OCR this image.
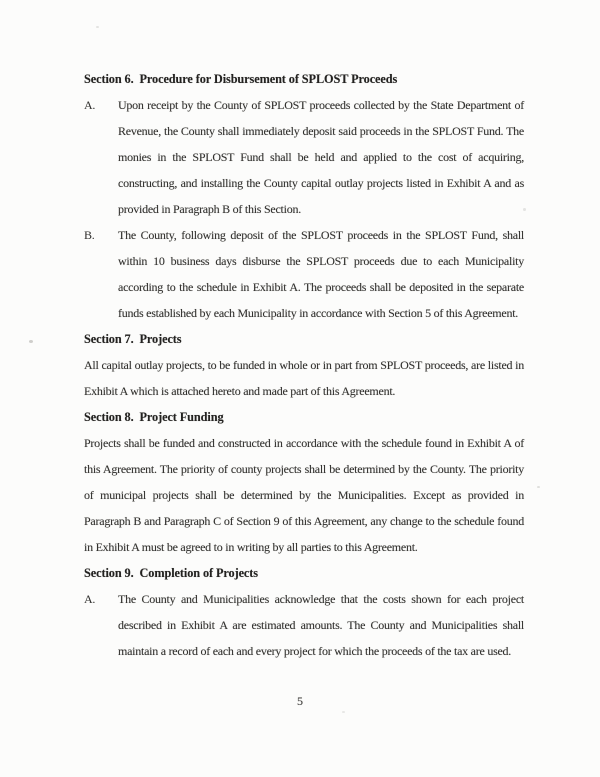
Section 6.  Procedure for Disbursement of SPLOST Proceeds
A. Upon receipt by the County of SPLOST proceeds collected by the State Department of Revenue, the County shall immediately deposit said proceeds in the SPLOST Fund. The monies in the SPLOST Fund shall be held and applied to the cost of acquiring, constructing, and installing the County capital outlay projects listed in Exhibit A and as provided in Paragraph B of this Section.

B. The County, following deposit of the SPLOST proceeds in the SPLOST Fund, shall within 10 business days disburse the SPLOST proceeds due to each Municipality according to the schedule in Exhibit A. The proceeds shall be deposited in the separate funds established by each Municipality in accordance with Section 5 of this Agreement.

Section 7.  Projects

All capital outlay projects, to be funded in whole or in part from SPLOST proceeds, are listed in Exhibit A which is attached hereto and made part of this Agreement.

Section 8.  Project Funding

Projects shall be funded and constructed in accordance with the schedule found in Exhibit A of this Agreement. The priority of county projects shall be determined by the County. The priority of municipal projects shall be determined by the Municipalities. Except as provided in Paragraph B and Paragraph C of Section 9 of this Agreement, any change to the schedule found in Exhibit A must be agreed to in writing by all parties to this Agreement.

Section 9.  Completion of Projects
A. The County and Municipalities acknowledge that the costs shown for each project described in Exhibit A are estimated amounts. The County and Municipalities shall maintain a record of each and every project for which the proceeds of the tax are used.

5
